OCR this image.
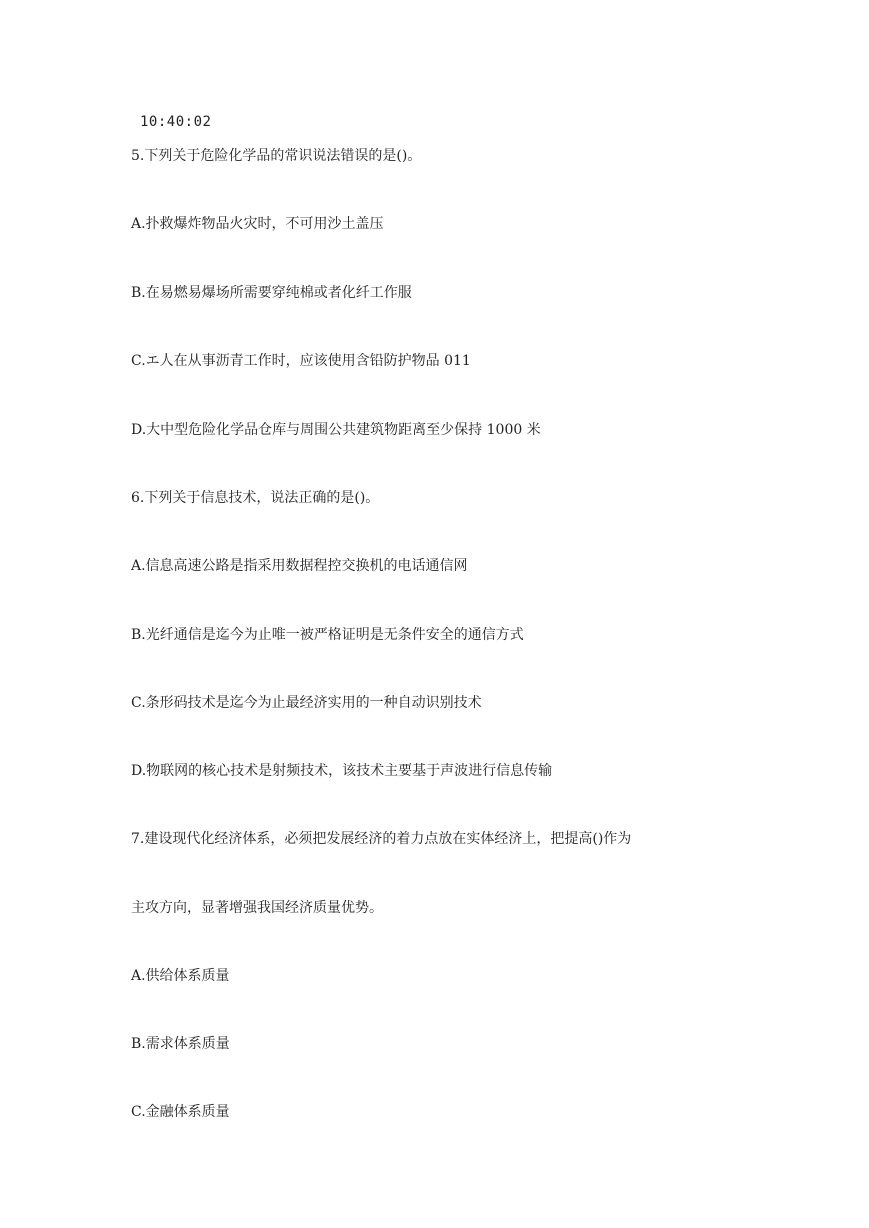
10:40:02
5.下列关于危险化学品的常识说法错误的是()。
A.扑救爆炸物品火灾时，不可用沙土盖压
B.在易燃易爆场所需要穿纯棉或者化纤工作服
C.エ人在从事沥青工作时，应该使用含铅防护物品 011
D.大中型危险化学品仓库与周围公共建筑物距离至少保持 1000 米
6.下列关于信息技术，说法正确的是()。
A.信息高速公路是指采用数据程控交换机的电话通信网
B.光纤通信是迄今为止唯一被严格证明是无条件安全的通信方式
C.条形码技术是迄今为止最经济实用的一种自动识别技术
D.物联网的核心技术是射频技术，该技术主要基于声波进行信息传输
7.建设现代化经济体系，必须把发展经济的着力点放在实体经济上，把提高()作为
主攻方向，显著增强我国经济质量优势。
A.供给体系质量
B.需求体系质量
C.金融体系质量
